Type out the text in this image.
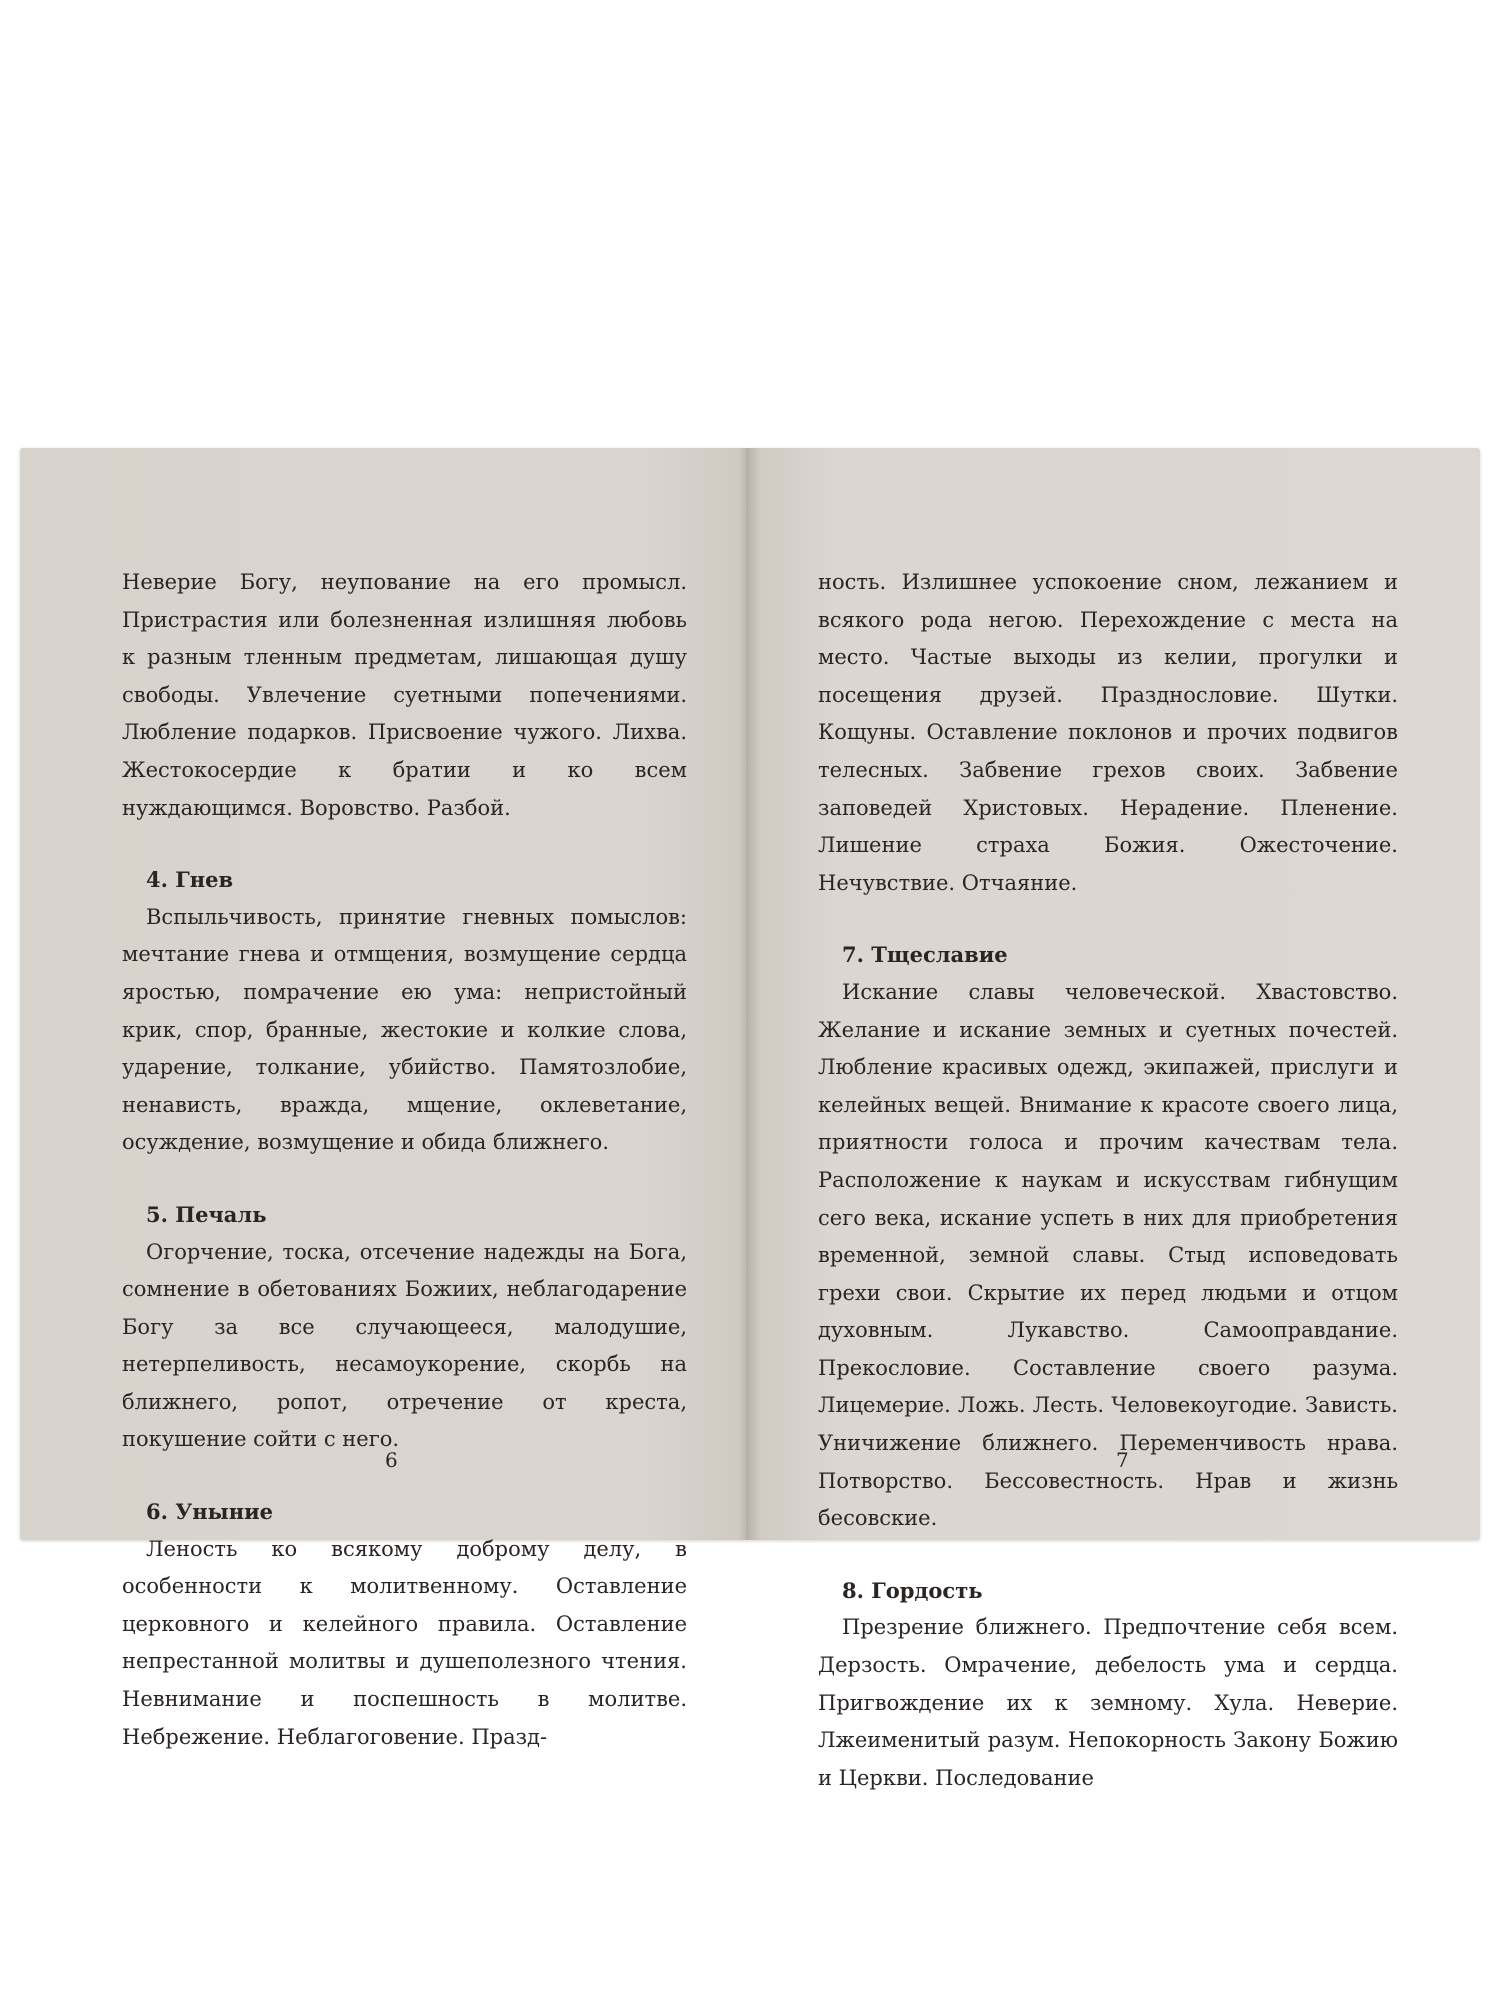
Неверие Богу, неупование на его промысл. Пристрастия или болезненная излишняя любовь к разным тленным предметам, лишающая душу свободы. Увлечение суетными попечениями. Любление подарков. Присвоение чужого. Лихва. Жестокосердие к братии и ко всем нуждающимся. Воровство. Разбой.

4. Гнев

Вспыльчивость, принятие гневных помыслов: мечтание гнева и отмщения, возмущение сердца яростью, помрачение ею ума: непристойный крик, спор, бранные, жестокие и колкие слова, ударение, толкание, убийство. Памятозлобие, ненависть, вражда, мщение, оклеветание, осуждение, возмущение и обида ближнего.

5. Печаль

Огорчение, тоска, отсечение надежды на Бога, сомнение в обетованиях Божиих, неблагодарение Богу за все случающееся, малодушие, нетерпеливость, несамоукорение, скорбь на ближнего, ропот, отречение от креста, покушение сойти с него.

6. Уныние

Леность ко всякому доброму делу, в особенности к молитвенному. Оставление церковного и келейного правила. Оставление непрестанной молитвы и душеполезного чтения. Невнимание и поспешность в молитве. Небрежение. Неблагоговение. Празд-

6

ность. Излишнее успокоение сном, лежанием и всякого рода негою. Перехождение с места на место. Частые выходы из келии, прогулки и посещения друзей. Празднословие. Шутки. Кощуны. Оставление поклонов и прочих подвигов телесных. Забвение грехов своих. Забвение заповедей Христовых. Нерадение. Пленение. Лишение страха Божия. Ожесточение. Нечувствие. Отчаяние.

7. Тщеславие

Искание славы человеческой. Хвастовство. Желание и искание земных и суетных почестей. Любление красивых одежд, экипажей, прислуги и келейных вещей. Внимание к красоте своего лица, приятности голоса и прочим качествам тела. Расположение к наукам и искусствам гибнущим сего века, искание успеть в них для приобретения временной, земной славы. Стыд исповедовать грехи свои. Скрытие их перед людьми и отцом духовным. Лукавство. Самооправдание. Прекословие. Составление своего разума. Лицемерие. Ложь. Лесть. Человекоугодие. Зависть. Уничижение ближнего. Переменчивость нрава. Потворство. Бессовестность. Нрав и жизнь бесовские.

8. Гордость

Презрение ближнего. Предпочтение себя всем. Дерзость. Омрачение, дебелость ума и сердца. Пригвождение их к земному. Хула. Неверие. Лжеименитый разум. Непокорность Закону Божию и Церкви. Последование

7
